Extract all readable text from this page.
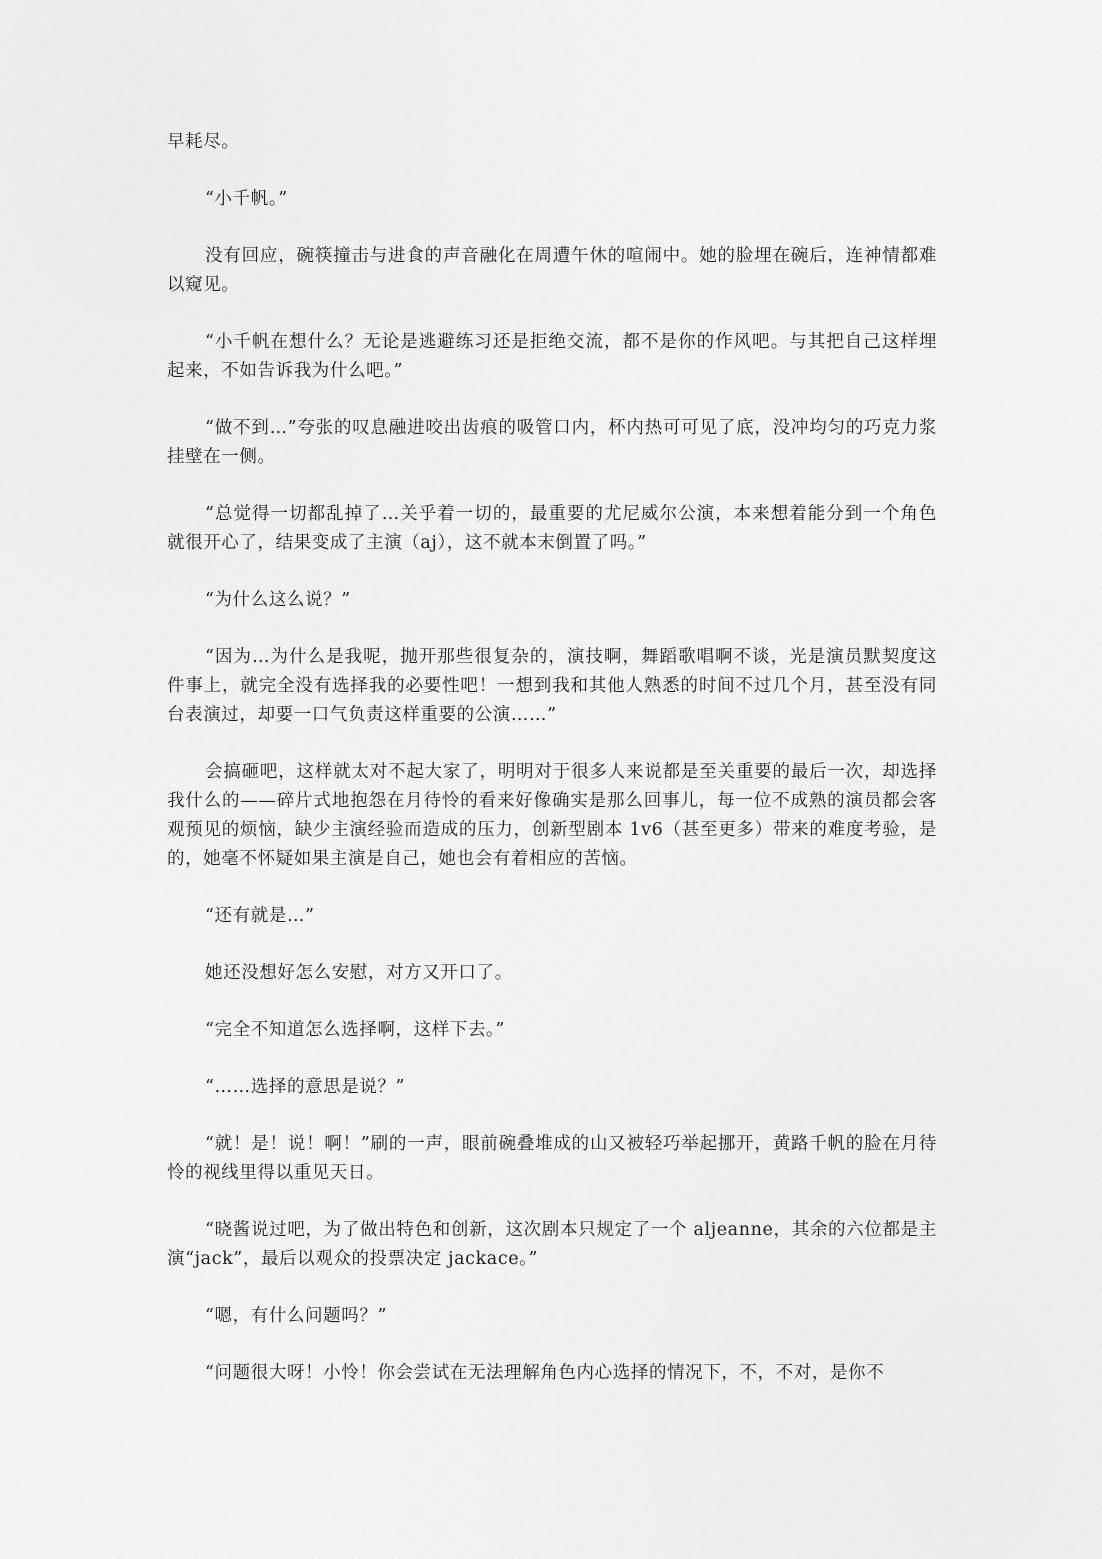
早耗尽。

“小千帆。”

没有回应，碗筷撞击与进食的声音融化在周遭午休的喧闹中。她的脸埋在碗后，连神情都难以窥见。

“小千帆在想什么？无论是逃避练习还是拒绝交流，都不是你的作风吧。与其把自己这样埋起来，不如告诉我为什么吧。”

“做不到…”夸张的叹息融进咬出齿痕的吸管口内，杯内热可可见了底，没冲均匀的巧克力浆挂壁在一侧。

“总觉得一切都乱掉了…关乎着一切的，最重要的尤尼威尔公演，本来想着能分到一个角色就很开心了，结果变成了主演（aj），这不就本末倒置了吗。”

“为什么这么说？”

“因为…为什么是我呢，抛开那些很复杂的，演技啊，舞蹈歌唱啊不谈，光是演员默契度这件事上，就完全没有选择我的必要性吧！一想到我和其他人熟悉的时间不过几个月，甚至没有同台表演过，却要一口气负责这样重要的公演……”

会搞砸吧，这样就太对不起大家了，明明对于很多人来说都是至关重要的最后一次，却选择我什么的——碎片式地抱怨在月待怜的看来好像确实是那么回事儿，每一位不成熟的演员都会客观预见的烦恼，缺少主演经验而造成的压力，创新型剧本 1v6（甚至更多）带来的难度考验，是的，她毫不怀疑如果主演是自己，她也会有着相应的苦恼。

“还有就是…”

她还没想好怎么安慰，对方又开口了。

“完全不知道怎么选择啊，这样下去。”

“……选择的意思是说？”

“就！是！说！啊！”刷的一声，眼前碗叠堆成的山又被轻巧举起挪开，黄路千帆的脸在月待怜的视线里得以重见天日。

“晓酱说过吧，为了做出特色和创新，这次剧本只规定了一个 aljeanne，其余的六位都是主演“jack”，最后以观众的投票决定 jackace。”

“嗯，有什么问题吗？”

“问题很大呀！小怜！你会尝试在无法理解角色内心选择的情况下，不，不对，是你不
